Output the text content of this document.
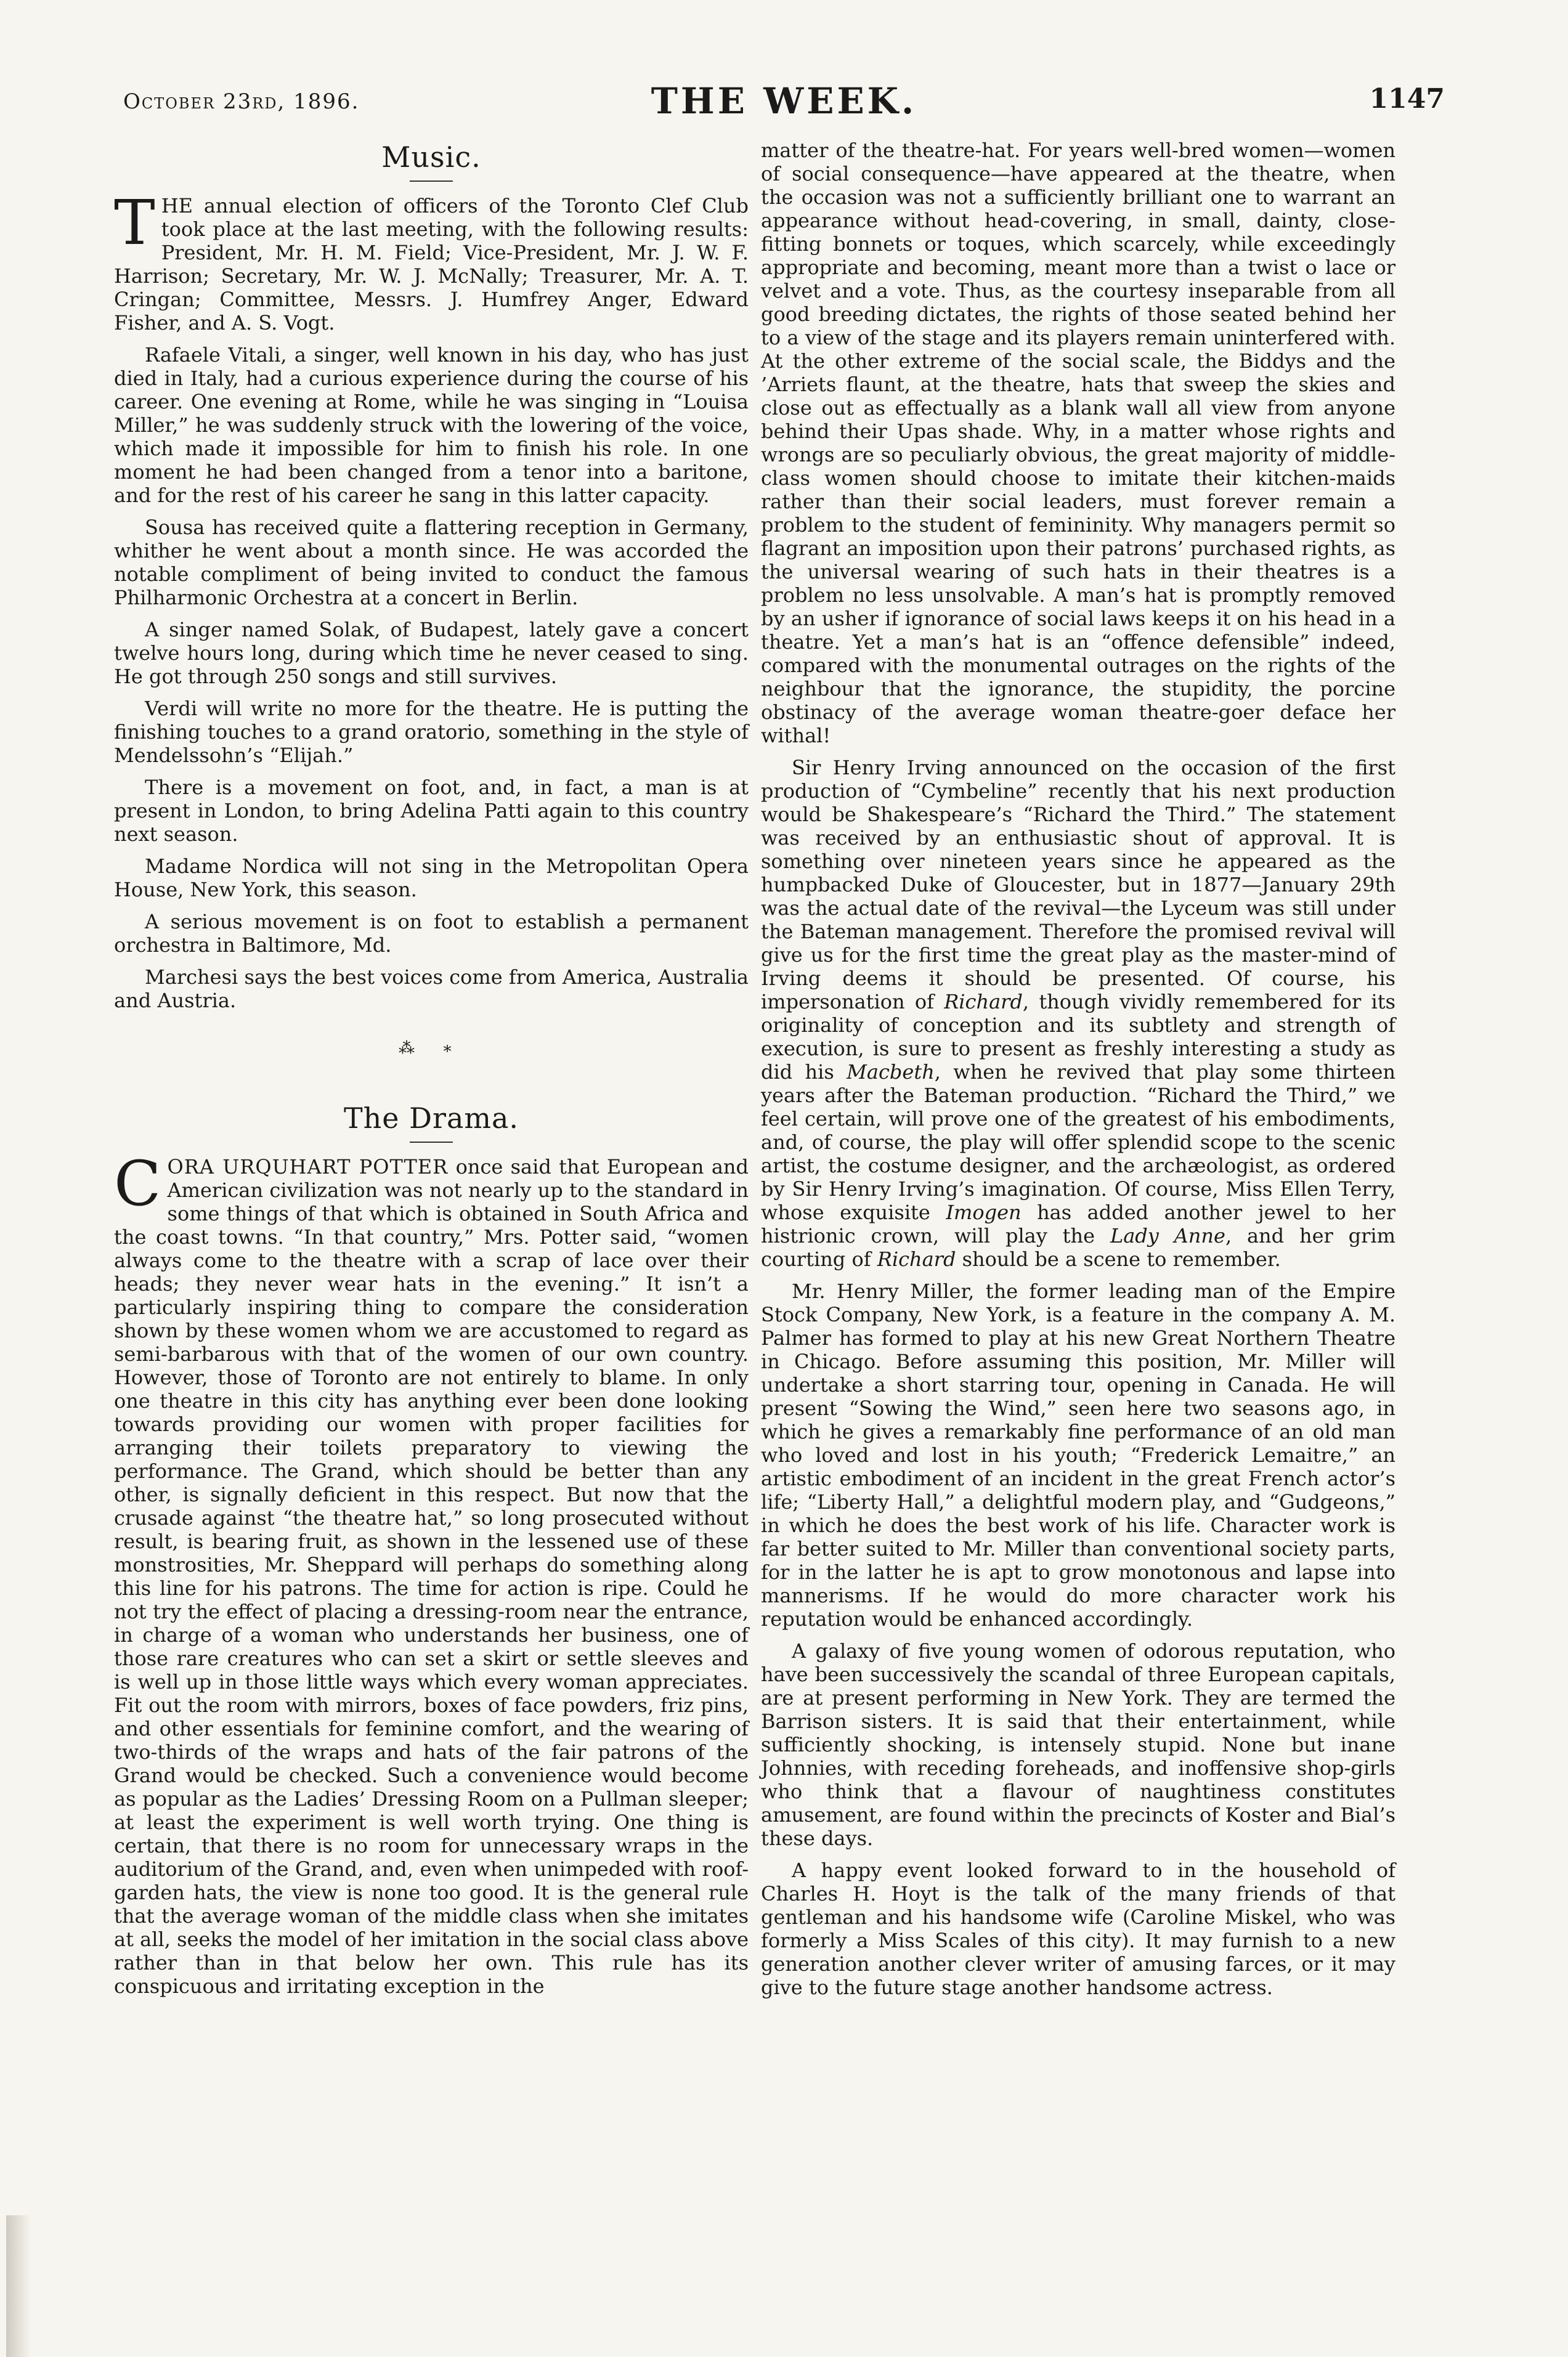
October 23rd, 1896.	THE WEEK.	1147
Music.

THE annual election of officers of the Toronto Clef Club took place at the last meeting, with the following results: President, Mr. H. M. Field; Vice-President, Mr. J. W. F. Harrison; Secretary, Mr. W. J. McNally; Treasurer, Mr. A. T. Cringan; Committee, Messrs. J. Humfrey Anger, Edward Fisher, and A. S. Vogt.

Rafaele Vitali, a singer, well known in his day, who has just died in Italy, had a curious experience during the course of his career. One evening at Rome, while he was singing in “Louisa Miller,” he was suddenly struck with the lowering of the voice, which made it impossible for him to finish his role. In one moment he had been changed from a tenor into a baritone, and for the rest of his career he sang in this latter capacity.

Sousa has received quite a flattering reception in Germany, whither he went about a month since. He was accorded the notable compliment of being invited to conduct the famous Philharmonic Orchestra at a concert in Berlin.

A singer named Solak, of Budapest, lately gave a concert twelve hours long, during which time he never ceased to sing. He got through 250 songs and still survives.

Verdi will write no more for the theatre. He is putting the finishing touches to a grand oratorio, something in the style of Mendelssohn’s “Elijah.”

There is a movement on foot, and, in fact, a man is at present in London, to bring Adelina Patti again to this country next season.

Madame Nordica will not sing in the Metropolitan Opera House, New York, this season.

A serious movement is on foot to establish a permanent orchestra in Baltimore, Md.

Marchesi says the best voices come from America, Australia and Austria.

⁂ ∗
The Drama.

CORA URQUHART POTTER once said that European and American civilization was not nearly up to the standard in some things of that which is obtained in South Africa and the coast towns. “In that country,” Mrs. Potter said, “women always come to the theatre with a scrap of lace over their heads; they never wear hats in the evening.” It isn’t a particularly inspiring thing to compare the consideration shown by these women whom we are accustomed to regard as semi-barbarous with that of the women of our own country. However, those of Toronto are not entirely to blame. In only one theatre in this city has anything ever been done looking towards providing our women with proper facilities for arranging their toilets preparatory to viewing the performance. The Grand, which should be better than any other, is signally deficient in this respect. But now that the crusade against “the theatre hat,” so long prosecuted without result, is bearing fruit, as shown in the lessened use of these monstrosities, Mr. Sheppard will perhaps do something along this line for his patrons. The time for action is ripe. Could he not try the effect of placing a dressing-room near the entrance, in charge of a woman who understands her business, one of those rare creatures who can set a skirt or settle sleeves and is well up in those little ways which every woman appreciates. Fit out the room with mirrors, boxes of face powders, friz pins, and other essentials for feminine comfort, and the wearing of two-thirds of the wraps and hats of the fair patrons of the Grand would be checked. Such a convenience would become as popular as the Ladies’ Dressing Room on a Pullman sleeper; at least the experiment is well worth trying. One thing is certain, that there is no room for unnecessary wraps in the auditorium of the Grand, and, even when unimpeded with roof-garden hats, the view is none too good. It is the general rule that the average woman of the middle class when she imitates at all, seeks the model of her imitation in the social class above rather than in that below her own. This rule has its conspicuous and irritating exception in the

matter of the theatre-hat. For years well-bred women—women of social consequence—have appeared at the theatre, when the occasion was not a sufficiently brilliant one to warrant an appearance without head-covering, in small, dainty, close-fitting bonnets or toques, which scarcely, while exceedingly appropriate and becoming, meant more than a twist o lace or velvet and a vote. Thus, as the courtesy inseparable from all good breeding dictates, the rights of those seated behind her to a view of the stage and its players remain uninterfered with. At the other extreme of the social scale, the Biddys and the ’Arriets flaunt, at the theatre, hats that sweep the skies and close out as effectually as a blank wall all view from anyone behind their Upas shade. Why, in a matter whose rights and wrongs are so peculiarly obvious, the great majority of middle-class women should choose to imitate their kitchen-maids rather than their social leaders, must forever remain a problem to the student of femininity. Why managers permit so flagrant an imposition upon their patrons’ purchased rights, as the universal wearing of such hats in their theatres is a problem no less unsolvable. A man’s hat is promptly removed by an usher if ignorance of social laws keeps it on his head in a theatre. Yet a man’s hat is an “offence defensible” indeed, compared with the monumental outrages on the rights of the neighbour that the ignorance, the stupidity, the porcine obstinacy of the average woman theatre-goer deface her withal!

Sir Henry Irving announced on the occasion of the first production of “Cymbeline” recently that his next production would be Shakespeare’s “Richard the Third.” The statement was received by an enthusiastic shout of approval. It is something over nineteen years since he appeared as the humpbacked Duke of Gloucester, but in 1877—January 29th was the actual date of the revival—the Lyceum was still under the Bateman management. Therefore the promised revival will give us for the first time the great play as the master-mind of Irving deems it should be presented. Of course, his impersonation of Richard, though vividly remembered for its originality of conception and its subtlety and strength of execution, is sure to present as freshly interesting a study as did his Macbeth, when he revived that play some thirteen years after the Bateman production. “Richard the Third,” we feel certain, will prove one of the greatest of his embodiments, and, of course, the play will offer splendid scope to the scenic artist, the costume designer, and the archæologist, as ordered by Sir Henry Irving’s imagination. Of course, Miss Ellen Terry, whose exquisite Imogen has added another jewel to her histrionic crown, will play the Lady Anne, and her grim courting of Richard should be a scene to remember.

Mr. Henry Miller, the former leading man of the Empire Stock Company, New York, is a feature in the company A. M. Palmer has formed to play at his new Great Northern Theatre in Chicago. Before assuming this position, Mr. Miller will undertake a short starring tour, opening in Canada. He will present “Sowing the Wind,” seen here two seasons ago, in which he gives a remarkably fine performance of an old man who loved and lost in his youth; “Frederick Lemaitre,” an artistic embodiment of an incident in the great French actor’s life; “Liberty Hall,” a delightful modern play, and “Gudgeons,” in which he does the best work of his life. Character work is far better suited to Mr. Miller than conventional society parts, for in the latter he is apt to grow monotonous and lapse into mannerisms. If he would do more character work his reputation would be enhanced accordingly.

A galaxy of five young women of odorous reputation, who have been successively the scandal of three European capitals, are at present performing in New York. They are termed the Barrison sisters. It is said that their entertainment, while sufficiently shocking, is intensely stupid. None but inane Johnnies, with receding foreheads, and inoffensive shop-girls who think that a flavour of naughtiness constitutes amusement, are found within the precincts of Koster and Bial’s these days.

A happy event looked forward to in the household of Charles H. Hoyt is the talk of the many friends of that gentleman and his handsome wife (Caroline Miskel, who was formerly a Miss Scales of this city). It may furnish to a new generation another clever writer of amusing farces, or it may give to the future stage another handsome actress.
